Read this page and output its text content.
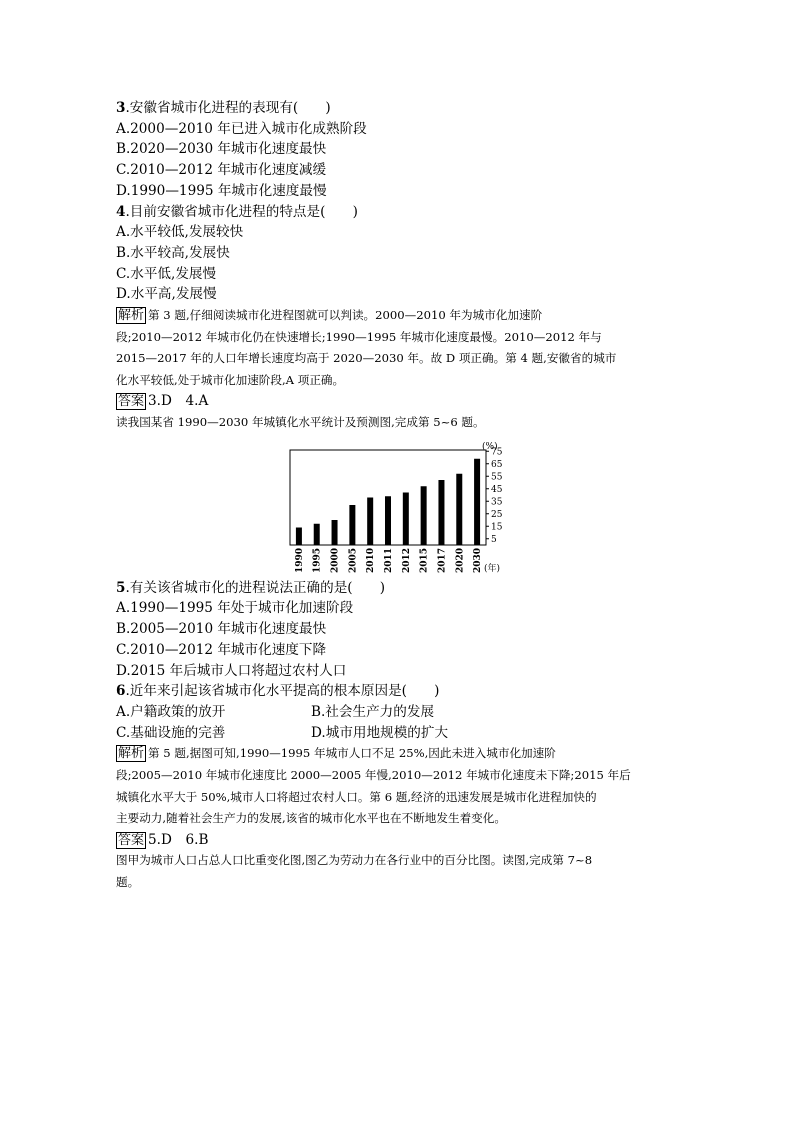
3.安徽省城市化进程的表现有(　　)
A.2000—2010 年已进入城市化成熟阶段
B.2020—2030 年城市化速度最快
C.2010—2012 年城市化速度减缓
D.1990—1995 年城市化速度最慢
4.目前安徽省城市化进程的特点是(　　)
A.水平较低,发展较快
B.水平较高,发展快
C.水平低,发展慢
D.水平高,发展慢
解析 第 3 题,仔细阅读城市化进程图就可以判读。2000—2010 年为城市化加速阶
段;2010—2012 年城市化仍在快速增长;1990—1995 年城市化速度最慢。2010—2012 年与
2015—2017 年的人口年增长速度均高于 2020—2030 年。故 D 项正确。第 4 题,安徽省的城市
化水平较低,处于城市化加速阶段,A 项正确。
答案 3.D　4.A
读我国某省 1990—2030 年城镇化水平统计及预测图,完成第 5~6 题。
5
15
25
35
45
55
65
75
(%)
1990 1995 2000 2005 2010 2011 2012 2015 2017 2020 2030 (年)
5.有关该省城市化的进程说法正确的是(　　)
A.1990—1995 年处于城市化加速阶段
B.2005—2010 年城市化速度最快
C.2010—2012 年城市化速度下降
D.2015 年后城市人口将超过农村人口
6.近年来引起该省城市化水平提高的根本原因是(　　)
A.户籍政策的放开	B.社会生产力的发展
C.基础设施的完善	D.城市用地规模的扩大
解析 第 5 题,据图可知,1990—1995 年城市人口不足 25%,因此未进入城市化加速阶
段;2005—2010 年城市化速度比 2000—2005 年慢,2010—2012 年城市化速度未下降;2015 年后
城镇化水平大于 50%,城市人口将超过农村人口。第 6 题,经济的迅速发展是城市化进程加快的
主要动力,随着社会生产力的发展,该省的城市化水平也在不断地发生着变化。
答案 5.D　6.B
图甲为城市人口占总人口比重变化图,图乙为劳动力在各行业中的百分比图。读图,完成第 7~8
题。
